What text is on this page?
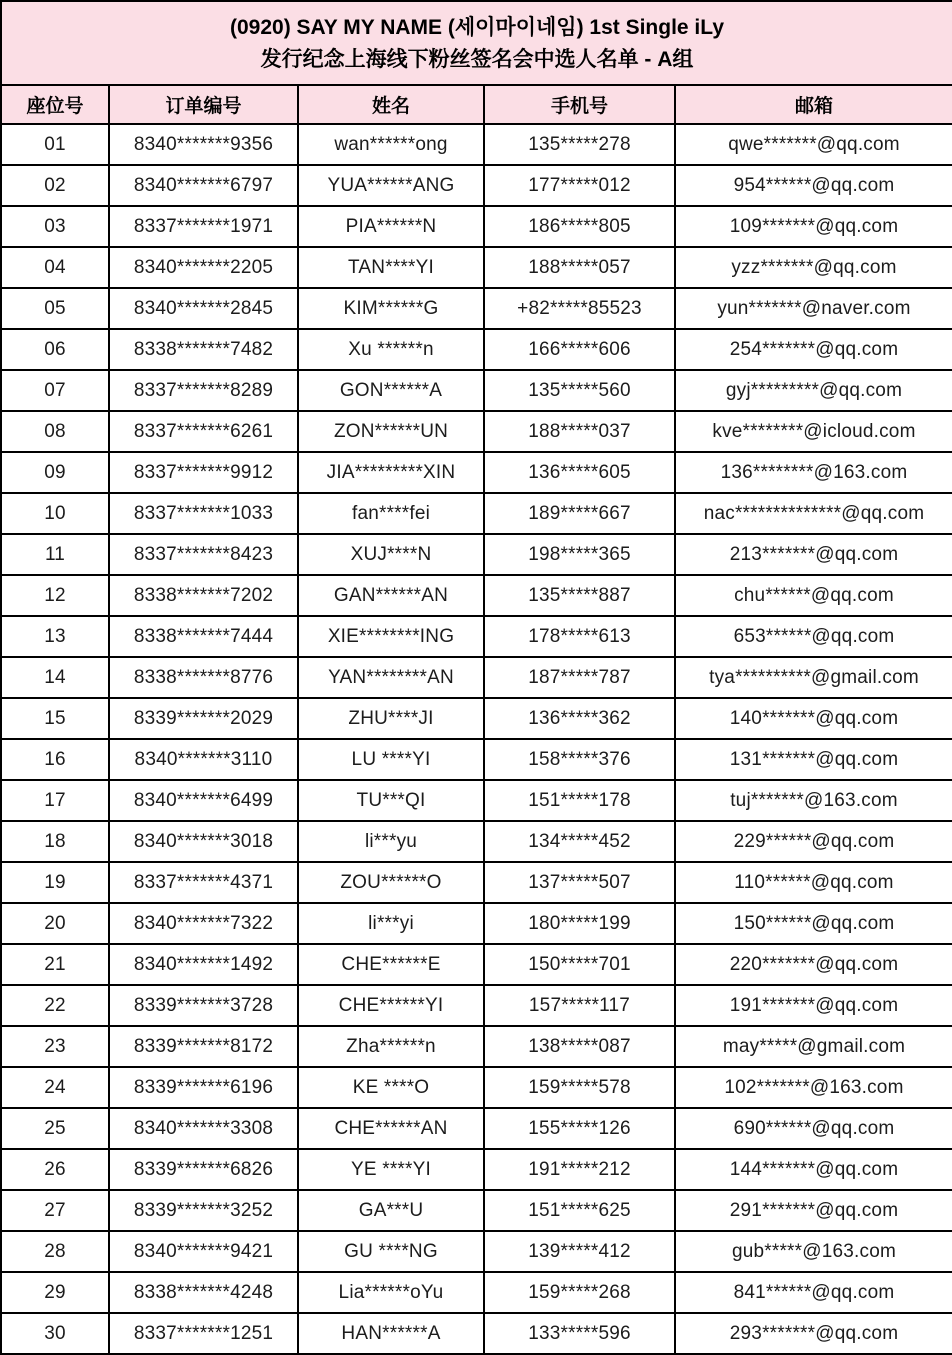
(0920) SAY MY NAME (세이마이네임) 1st Single iLy
发行纪念上海线下粉丝签名会中选人名单 - A组				

座位号	订单编号	姓名	手机号	邮箱
01	8340*******9356	wan******ong	135*****278	qwe*******@qq.com
02	8340*******6797	YUA******ANG	177*****012	954******@qq.com
03	8337*******1971	PIA******N	186*****805	109*******@qq.com
04	8340*******2205	TAN****YI	188*****057	yzz*******@qq.com
05	8340*******2845	KIM******G	+82*****85523	yun*******@naver.com
06	8338*******7482	Xu ******n	166*****606	254*******@qq.com
07	8337*******8289	GON******A	135*****560	gyj*********@qq.com
08	8337*******6261	ZON******UN	188*****037	kve********@icloud.com
09	8337*******9912	JIA*********XIN	136*****605	136********@163.com
10	8337*******1033	fan****fei	189*****667	nac**************@qq.com
11	8337*******8423	XUJ****N	198*****365	213*******@qq.com
12	8338*******7202	GAN******AN	135*****887	chu******@qq.com
13	8338*******7444	XIE********ING	178*****613	653******@qq.com
14	8338*******8776	YAN********AN	187*****787	tya**********@gmail.com
15	8339*******2029	ZHU****JI	136*****362	140*******@qq.com
16	8340*******3110	LU ****YI	158*****376	131*******@qq.com
17	8340*******6499	TU***QI	151*****178	tuj*******@163.com
18	8340*******3018	li***yu	134*****452	229******@qq.com
19	8337*******4371	ZOU******O	137*****507	110******@qq.com
20	8340*******7322	li***yi	180*****199	150******@qq.com
21	8340*******1492	CHE******E	150*****701	220*******@qq.com
22	8339*******3728	CHE******YI	157*****117	191*******@qq.com
23	8339*******8172	Zha******n	138*****087	may*****@gmail.com
24	8339*******6196	KE ****O	159*****578	102*******@163.com
25	8340*******3308	CHE******AN	155*****126	690******@qq.com
26	8339*******6826	YE ****YI	191*****212	144*******@qq.com
27	8339*******3252	GA***U	151*****625	291*******@qq.com
28	8340*******9421	GU ****NG	139*****412	gub*****@163.com
29	8338*******4248	Lia******oYu	159*****268	841******@qq.com
30	8337*******1251	HAN******A	133*****596	293*******@qq.com
